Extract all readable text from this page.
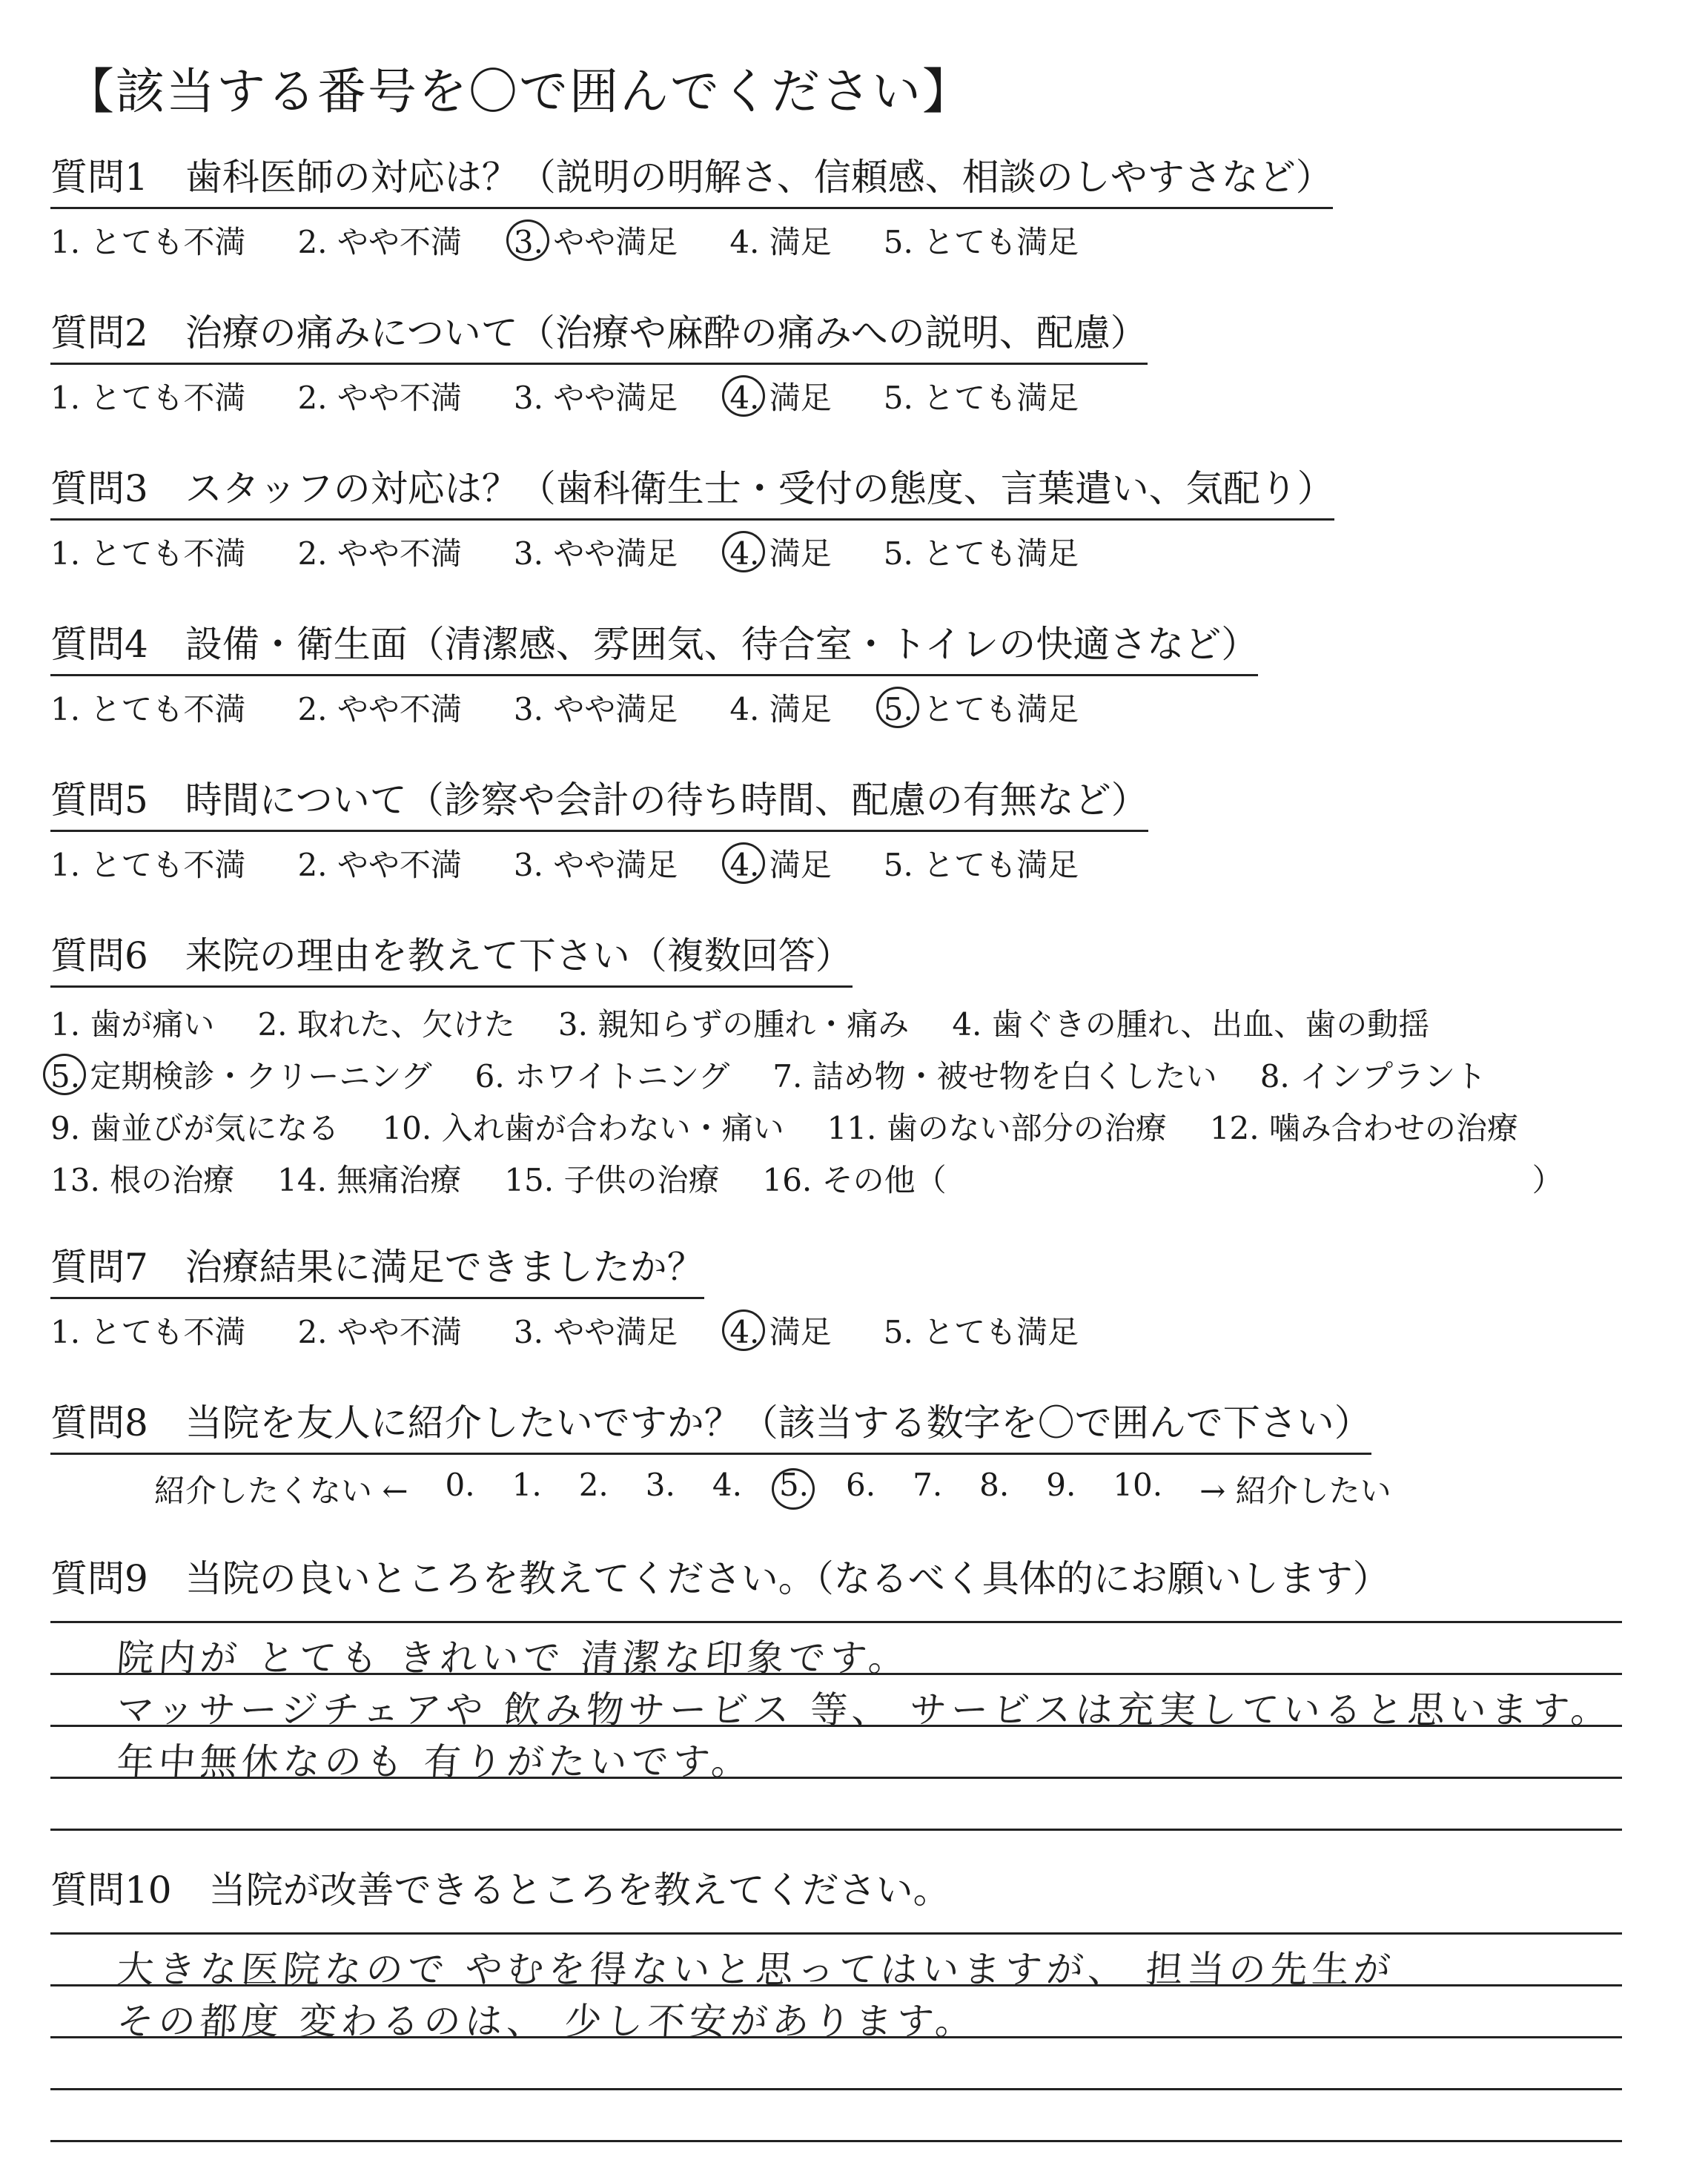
【該当する番号を〇で囲んでください】
質問1　歯科医師の対応は？（説明の明解さ、信頼感、相談のしやすさなど）
1. とても不満 2. やや不満 3. やや満足 4. 満足 5. とても満足
質問2　治療の痛みについて（治療や麻酔の痛みへの説明、配慮）
1. とても不満 2. やや不満 3. やや満足 4. 満足 5. とても満足
質問3　スタッフの対応は？（歯科衛生士・受付の態度、言葉遣い、気配り）
1. とても不満 2. やや不満 3. やや満足 4. 満足 5. とても満足
質問4　設備・衛生面（清潔感、雰囲気、待合室・トイレの快適さなど）
1. とても不満 2. やや不満 3. やや満足 4. 満足 5. とても満足
質問5　時間について（診察や会計の待ち時間、配慮の有無など）
1. とても不満 2. やや不満 3. やや満足 4. 満足 5. とても満足
質問6　来院の理由を教えて下さい（複数回答）
1. 歯が痛い 2. 取れた、欠けた 3. 親知らずの腫れ・痛み 4. 歯ぐきの腫れ、出血、歯の動揺
5. 定期検診・クリーニング 6. ホワイトニング 7. 詰め物・被せ物を白くしたい 8. インプラント
9. 歯並びが気になる 10. 入れ歯が合わない・痛い 11. 歯のない部分の治療 12. 噛み合わせの治療
13. 根の治療 14. 無痛治療 15. 子供の治療 16. その他（	）
質問7　治療結果に満足できましたか？
1. とても不満 2. やや不満 3. やや満足 4. 満足 5. とても満足
質問8　当院を友人に紹介したいですか？（該当する数字を〇で囲んで下さい）
紹介したくない ← 0. 1. 2. 3. 4. 5. 6. 7. 8. 9. 10. → 紹介したい
質問9　当院の良いところを教えてください。（なるべく具体的にお願いします）
院内が とても きれいで 清潔な印象です。
マッサージチェアや 飲み物サービス 等、 サービスは充実していると思います。
年中無休なのも 有りがたいです。
質問10　当院が改善できるところを教えてください。
大きな医院なので やむを得ないと思ってはいますが、 担当の先生が
その都度 変わるのは、 少し不安があります。
